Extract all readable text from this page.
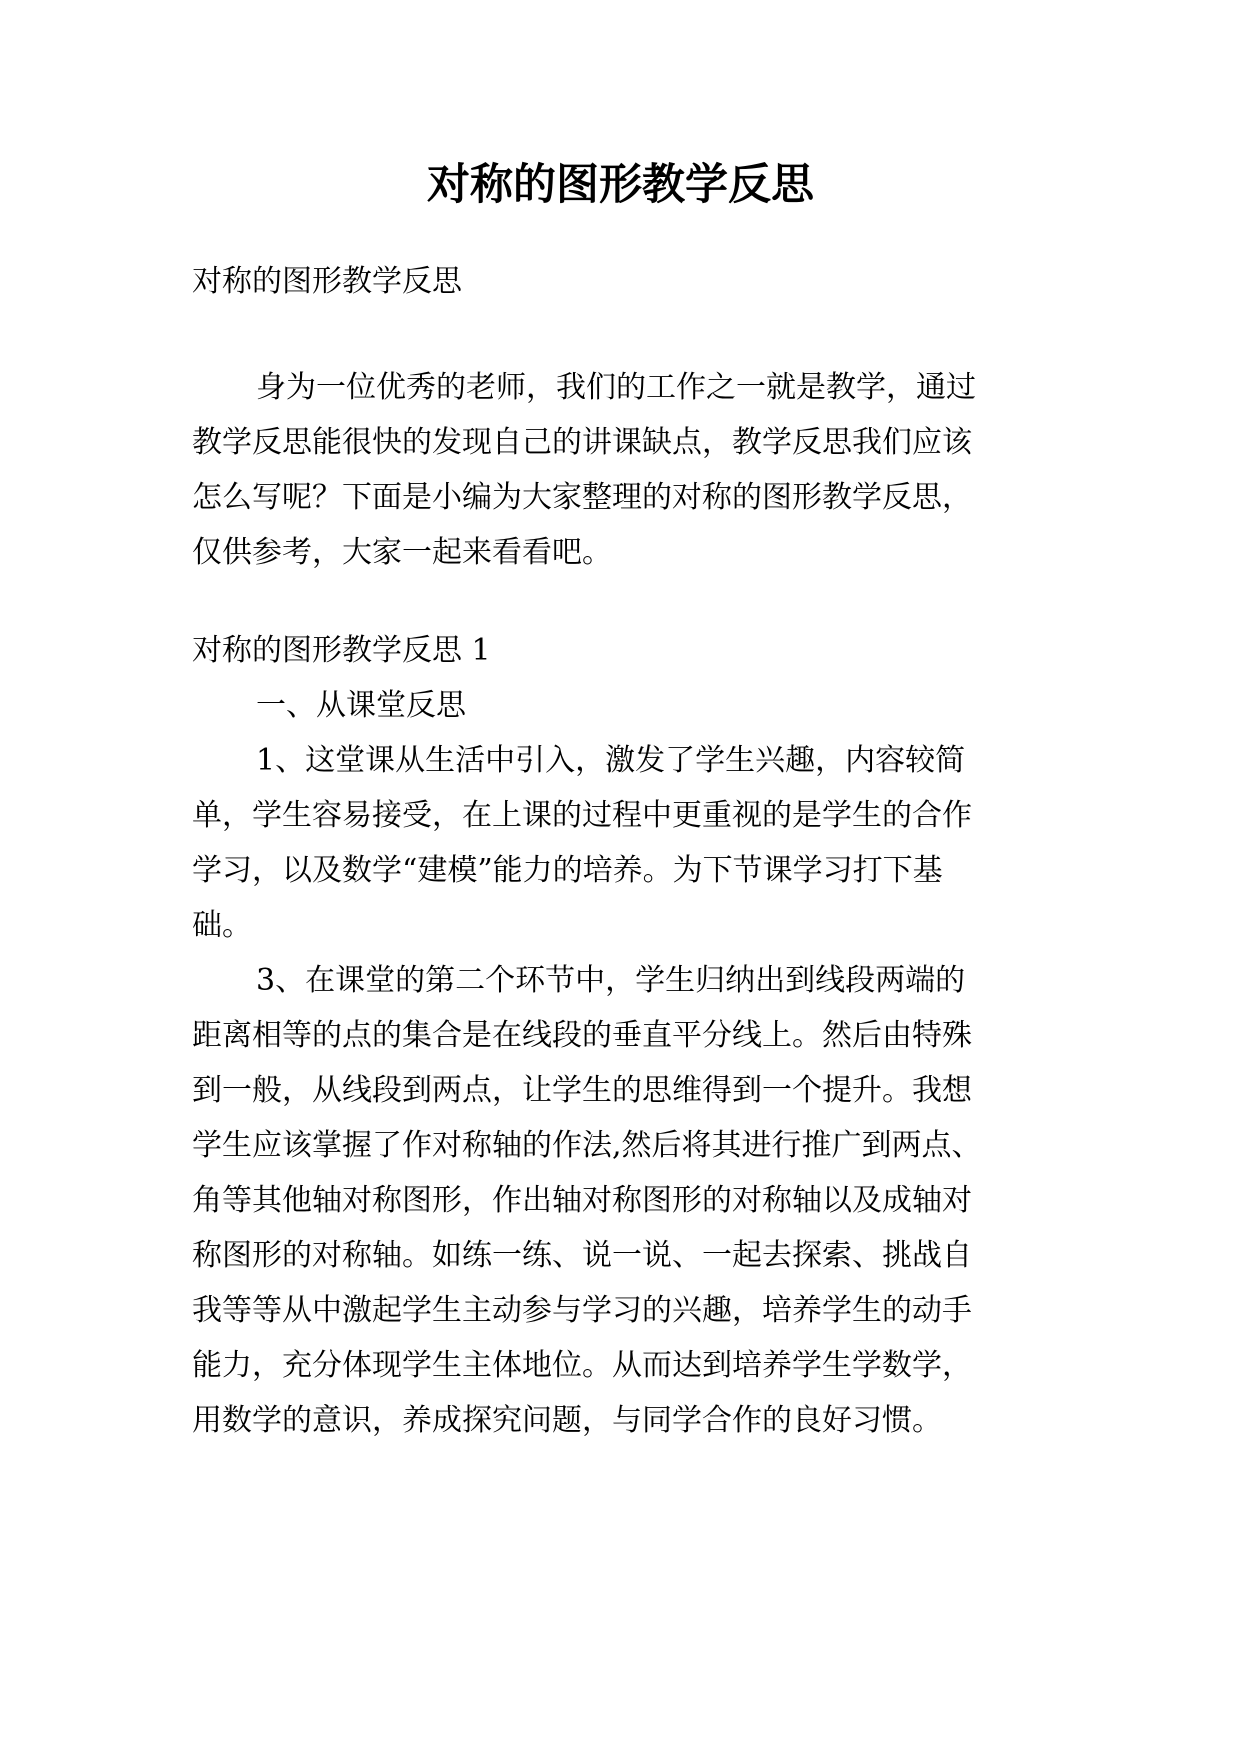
对称的图形教学反思

对称的图形教学反思

身为一位优秀的老师，我们的工作之一就是教学，通过

教学反思能很快的发现自己的讲课缺点，教学反思我们应该

怎么写呢？下面是小编为大家整理的对称的图形教学反思，

仅供参考，大家一起来看看吧。

对称的图形教学反思 1

一、从课堂反思

1、这堂课从生活中引入，激发了学生兴趣，内容较简

单，学生容易接受，在上课的过程中更重视的是学生的合作

学习，以及数学“建模”能力的培养。为下节课学习打下基

础。

3、在课堂的第二个环节中，学生归纳出到线段两端的

距离相等的点的集合是在线段的垂直平分线上。然后由特殊

到一般，从线段到两点，让学生的思维得到一个提升。我想

学生应该掌握了作对称轴的作法,然后将其进行推广到两点、

角等其他轴对称图形，作出轴对称图形的对称轴以及成轴对

称图形的对称轴。如练一练、说一说、一起去探索、挑战自

我等等从中激起学生主动参与学习的兴趣，培养学生的动手

能力，充分体现学生主体地位。从而达到培养学生学数学，

用数学的意识，养成探究问题，与同学合作的良好习惯。
